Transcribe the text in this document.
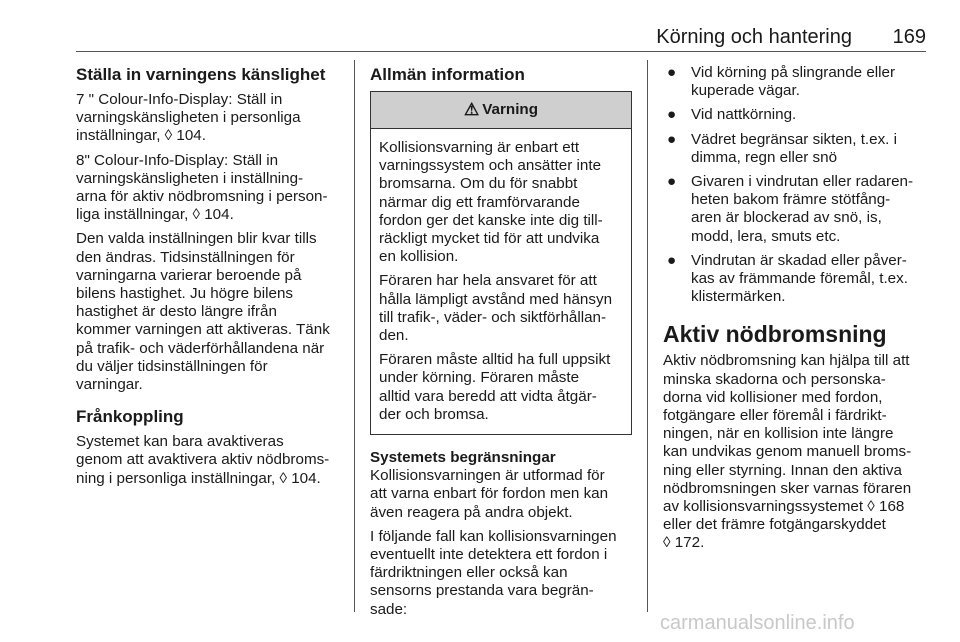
Körning och hantering 169
Ställa in varningens känslighet

7 " Colour-Info-Display: Ställ in
varningskänsligheten i personliga
inställningar, ◊ 104.

8" Colour-Info-Display: Ställ in
varningskänsligheten i inställning-
arna för aktiv nödbromsning i person-
liga inställningar, ◊ 104.

Den valda inställningen blir kvar tills
den ändras. Tidsinställningen för
varningarna varierar beroende på
bilens hastighet. Ju högre bilens
hastighet är desto längre ifrån
kommer varningen att aktiveras. Tänk
på trafik- och väderförhållandena när
du väljer tidsinställningen för
varningar.

Frånkoppling

Systemet kan bara avaktiveras
genom att avaktivera aktiv nödbroms-
ning i personliga inställningar, ◊ 104.

Allmän information
⚠ Varning

Kollisionsvarning är enbart ett
varningssystem och ansätter inte
bromsarna. Om du för snabbt
närmar dig ett framförvarande
fordon ger det kanske inte dig till-
räckligt mycket tid för att undvika
en kollision.

Föraren har hela ansvaret för att
hålla lämpligt avstånd med hänsyn
till trafik-, väder- och siktförhållan-
den.

Föraren måste alltid ha full uppsikt
under körning. Föraren måste
alltid vara beredd att vidta åtgär-
der och bromsa.

Systemets begränsningar

Kollisionsvarningen är utformad för
att varna enbart för fordon men kan
även reagera på andra objekt.

I följande fall kan kollisionsvarningen
eventuellt inte detektera ett fordon i
färdriktningen eller också kan
sensorns prestanda vara begrän-
sade:

● Vid körning på slingrande eller
kuperade vägar.
● Vid nattkörning.
● Vädret begränsar sikten, t.ex. i
dimma, regn eller snö
● Givaren i vindrutan eller radaren-
heten bakom främre stötfång-
aren är blockerad av snö, is,
modd, lera, smuts etc.
● Vindrutan är skadad eller påver-
kas av främmande föremål, t.ex.
klistermärken.
Aktiv nödbromsning

Aktiv nödbromsning kan hjälpa till att
minska skadorna och personska-
dorna vid kollisioner med fordon,
fotgängare eller föremål i färdrikt-
ningen, när en kollision inte längre
kan undvikas genom manuell broms-
ning eller styrning. Innan den aktiva
nödbromsningen sker varnas föraren
av kollisionsvarningssystemet ◊ 168
eller det främre fotgängarskyddet
◊ 172.

carmanualsonline.info
